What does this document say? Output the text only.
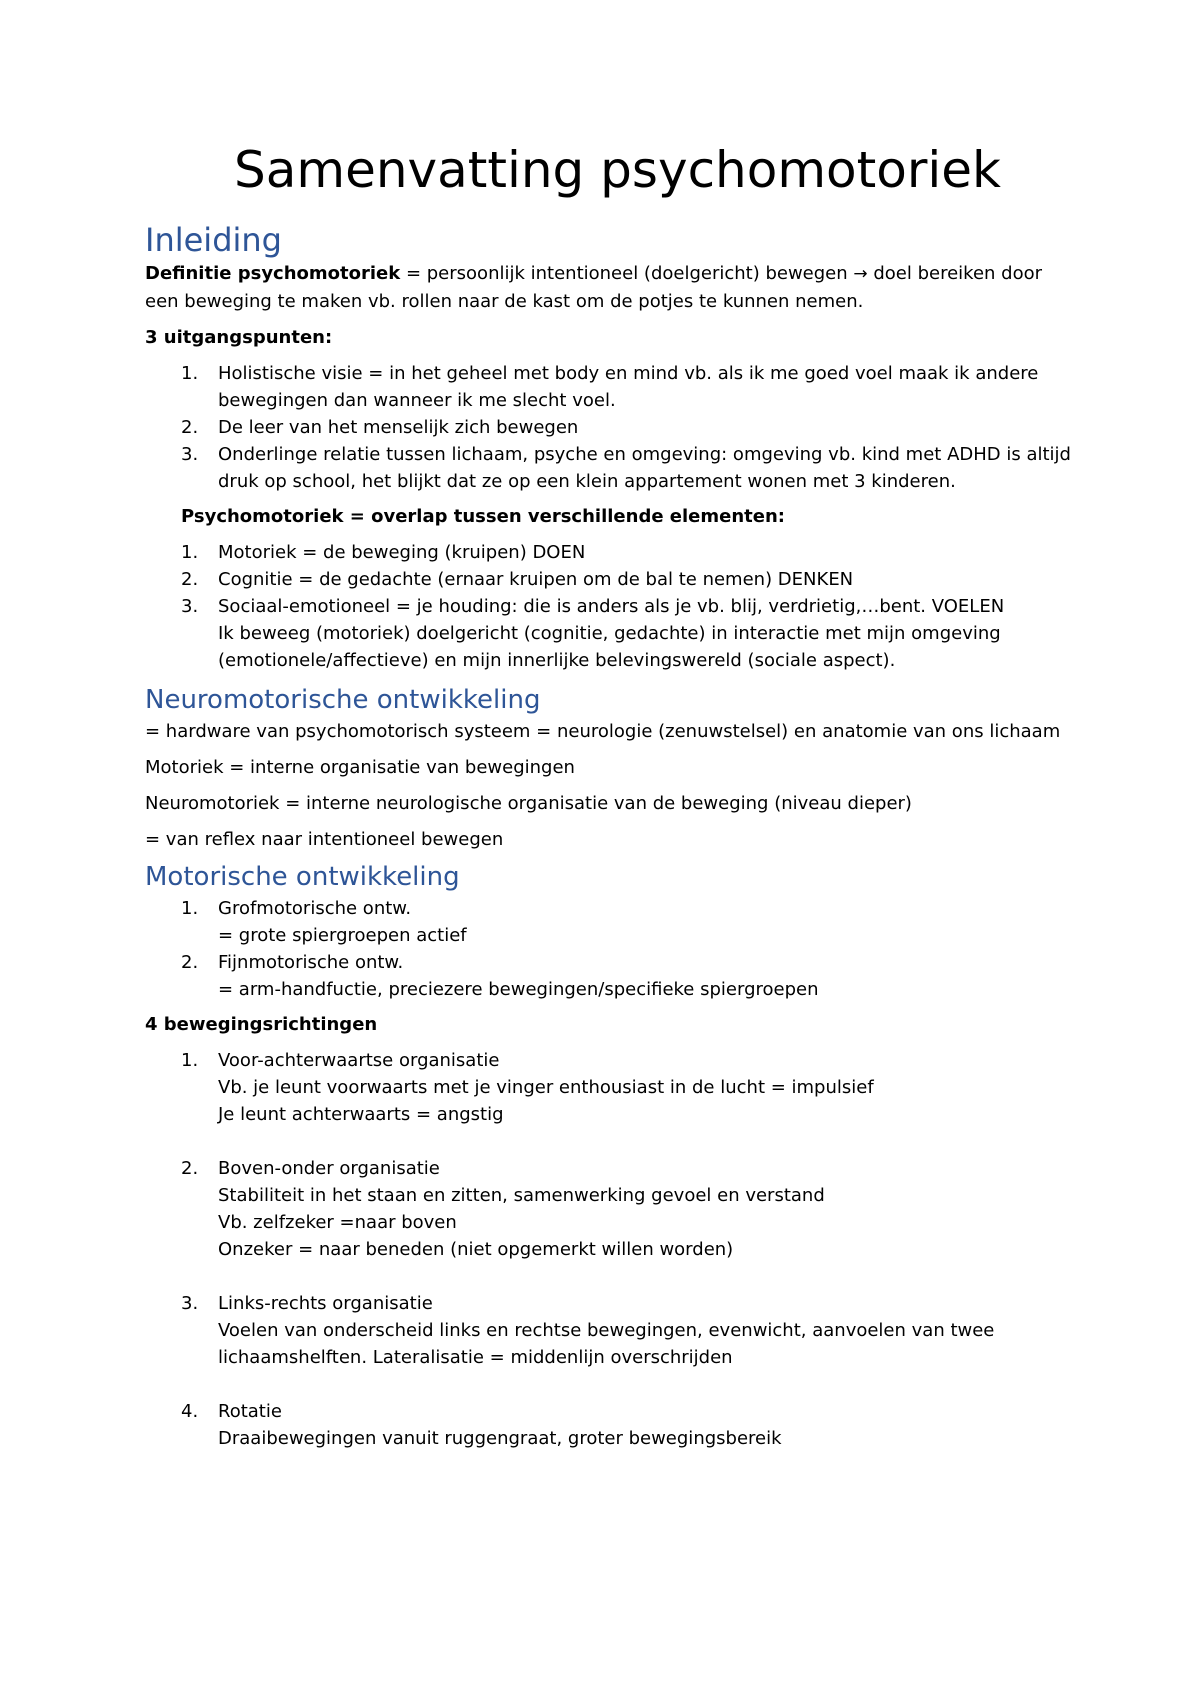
Samenvatting psychomotoriek
Inleiding

Definitie psychomotoriek = persoonlijk intentioneel (doelgericht) bewegen → doel bereiken door een beweging te maken vb. rollen naar de kast om de potjes te kunnen nemen.

3 uitgangspunten:

1. Holistische visie = in het geheel met body en mind vb. als ik me goed voel maak ik andere bewegingen dan wanneer ik me slecht voel.
2. De leer van het menselijk zich bewegen
3. Onderlinge relatie tussen lichaam, psyche en omgeving: omgeving vb. kind met ADHD is altijd druk op school, het blijkt dat ze op een klein appartement wonen met 3 kinderen.

Psychomotoriek = overlap tussen verschillende elementen:

1. Motoriek = de beweging (kruipen) DOEN
2. Cognitie = de gedachte (ernaar kruipen om de bal te nemen) DENKEN
3. Sociaal-emotioneel = je houding: die is anders als je vb. blij, verdrietig,…bent. VOELEN
Ik beweeg (motoriek) doelgericht (cognitie, gedachte) in interactie met mijn omgeving (emotionele/affectieve) en mijn innerlijke belevingswereld (sociale aspect).
Neuromotorische ontwikkeling

= hardware van psychomotorisch systeem = neurologie (zenuwstelsel) en anatomie van ons lichaam

Motoriek = interne organisatie van bewegingen

Neuromotoriek = interne neurologische organisatie van de beweging (niveau dieper)

= van reflex naar intentioneel bewegen

Motorische ontwikkeling
1. Grofmotorische ontw.
= grote spiergroepen actief
2. Fijnmotorische ontw.
= arm-handfuctie, preciezere bewegingen/specifieke spiergroepen

4 bewegingsrichtingen

1. Voor-achterwaartse organisatie
Vb. je leunt voorwaarts met je vinger enthousiast in de lucht = impulsief
Je leunt achterwaarts = angstig
2. Boven-onder organisatie
Stabiliteit in het staan en zitten, samenwerking gevoel en verstand
Vb. zelfzeker =naar boven
Onzeker = naar beneden (niet opgemerkt willen worden)
3. Links-rechts organisatie
Voelen van onderscheid links en rechtse bewegingen, evenwicht, aanvoelen van twee lichaamshelften. Lateralisatie = middenlijn overschrijden
4. Rotatie
Draaibewegingen vanuit ruggengraat, groter bewegingsbereik
